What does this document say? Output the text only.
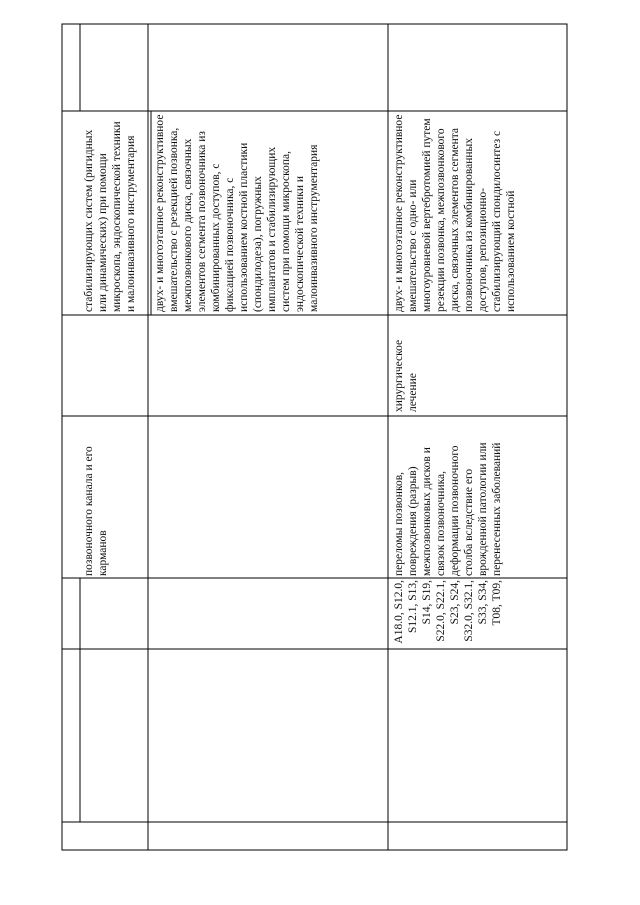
позвоночного канала и его карманов
стабилизирующих систем (ригидных или динамических) при помощи микроскопа, эндоскопической техники и малоинвазивного инструментария двух- и многоэтапное реконструктивное вмешательство с резекцией позвонка, межпозвонкового диска, связочных элементов сегмента позвоночника из комбинированных доступов, с фиксацией позвоночника, с использованием костной пластики (спондилодеза), погружных имплантатов и стабилизирующих систем при помощи микроскопа, эндоскопической техники и малоинвазивного инструментария
A18.0, S12.0, S12.1, S13, S14, S19, S22.0, S22.1, S23, S24, S32.0, S32.1, S33, S34, T08, T09,
переломы позвонков, повреждения (разрыв) межпозвонковых дисков и связок позвоночника, деформации позвоночного столба вследствие его врожденной патологии или перенесенных заболеваний
хирургическое лечение
двух- и многоэтапное реконструктивное вмешательство с одно- или многоуровневой вертебротомией путем резекции позвонка, межпозвонкового диска, связочных элементов сегмента позвоночника из комбинированных доступов, репозиционно-стабилизирующий спондилосинтез с использованием костной
